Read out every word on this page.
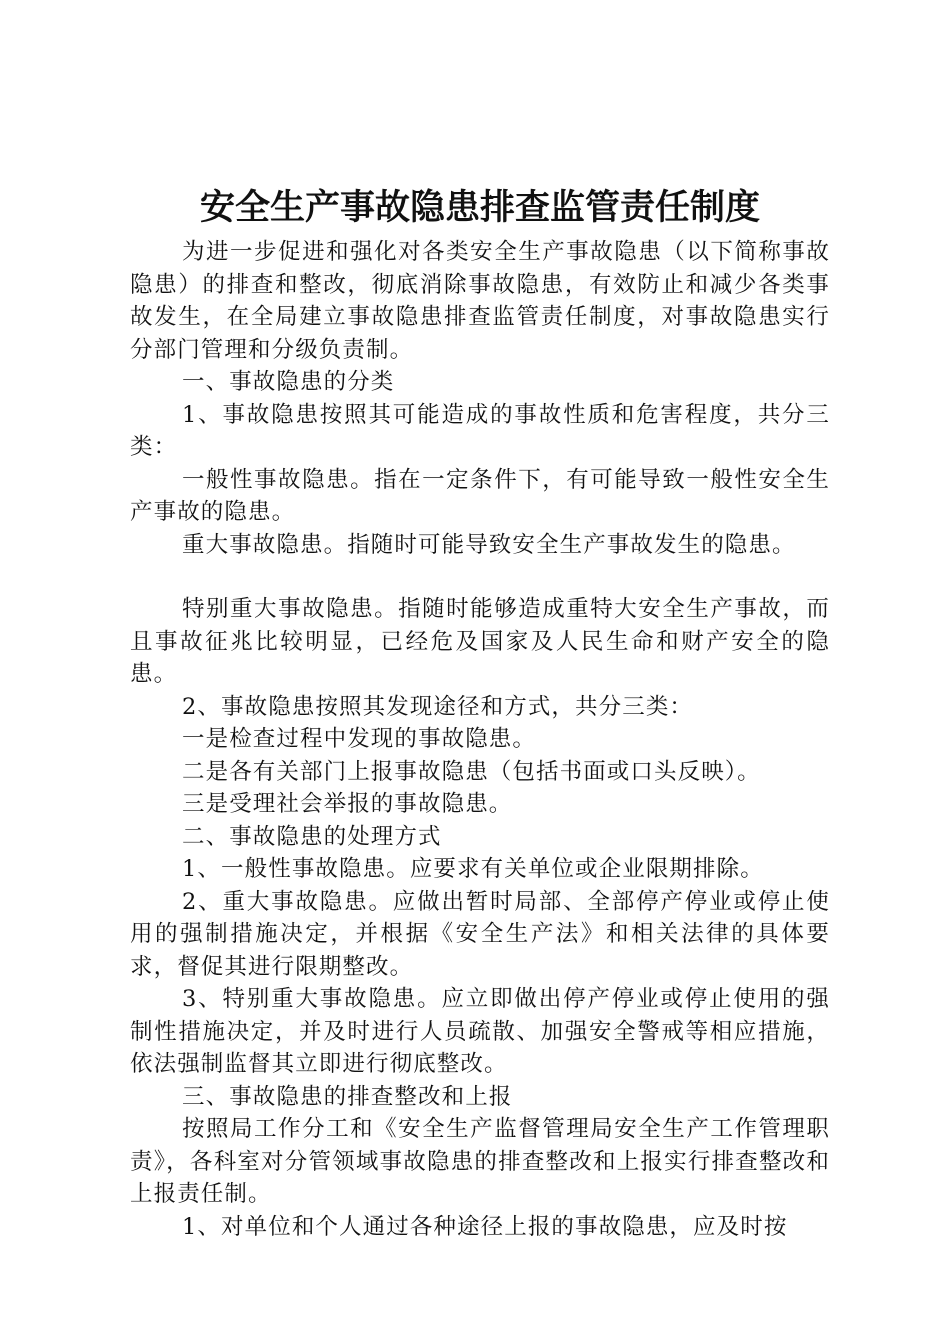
安全生产事故隐患排查监管责任制度

为进一步促进和强化对各类安全生产事故隐患（以下简称事故隐患）的排查和整改，彻底消除事故隐患，有效防止和减少各类事故发生，在全局建立事故隐患排查监管责任制度，对事故隐患实行分部门管理和分级负责制。

一、事故隐患的分类

1、事故隐患按照其可能造成的事故性质和危害程度，共分三类：

一般性事故隐患。指在一定条件下，有可能导致一般性安全生产事故的隐患。

重大事故隐患。指随时可能导致安全生产事故发生的隐患。

特别重大事故隐患。指随时能够造成重特大安全生产事故，而且事故征兆比较明显，已经危及国家及人民生命和财产安全的隐患。

2、事故隐患按照其发现途径和方式，共分三类：

一是检查过程中发现的事故隐患。

二是各有关部门上报事故隐患（包括书面或口头反映）。

三是受理社会举报的事故隐患。

二、事故隐患的处理方式

1、一般性事故隐患。应要求有关单位或企业限期排除。

2、重大事故隐患。应做出暂时局部、全部停产停业或停止使用的强制措施决定，并根据《安全生产法》和相关法律的具体要求，督促其进行限期整改。

3、特别重大事故隐患。应立即做出停产停业或停止使用的强制性措施决定，并及时进行人员疏散、加强安全警戒等相应措施，依法强制监督其立即进行彻底整改。

三、事故隐患的排查整改和上报

按照局工作分工和《安全生产监督管理局安全生产工作管理职责》，各科室对分管领域事故隐患的排查整改和上报实行排查整改和上报责任制。

1、对单位和个人通过各种途径上报的事故隐患，应及时按
